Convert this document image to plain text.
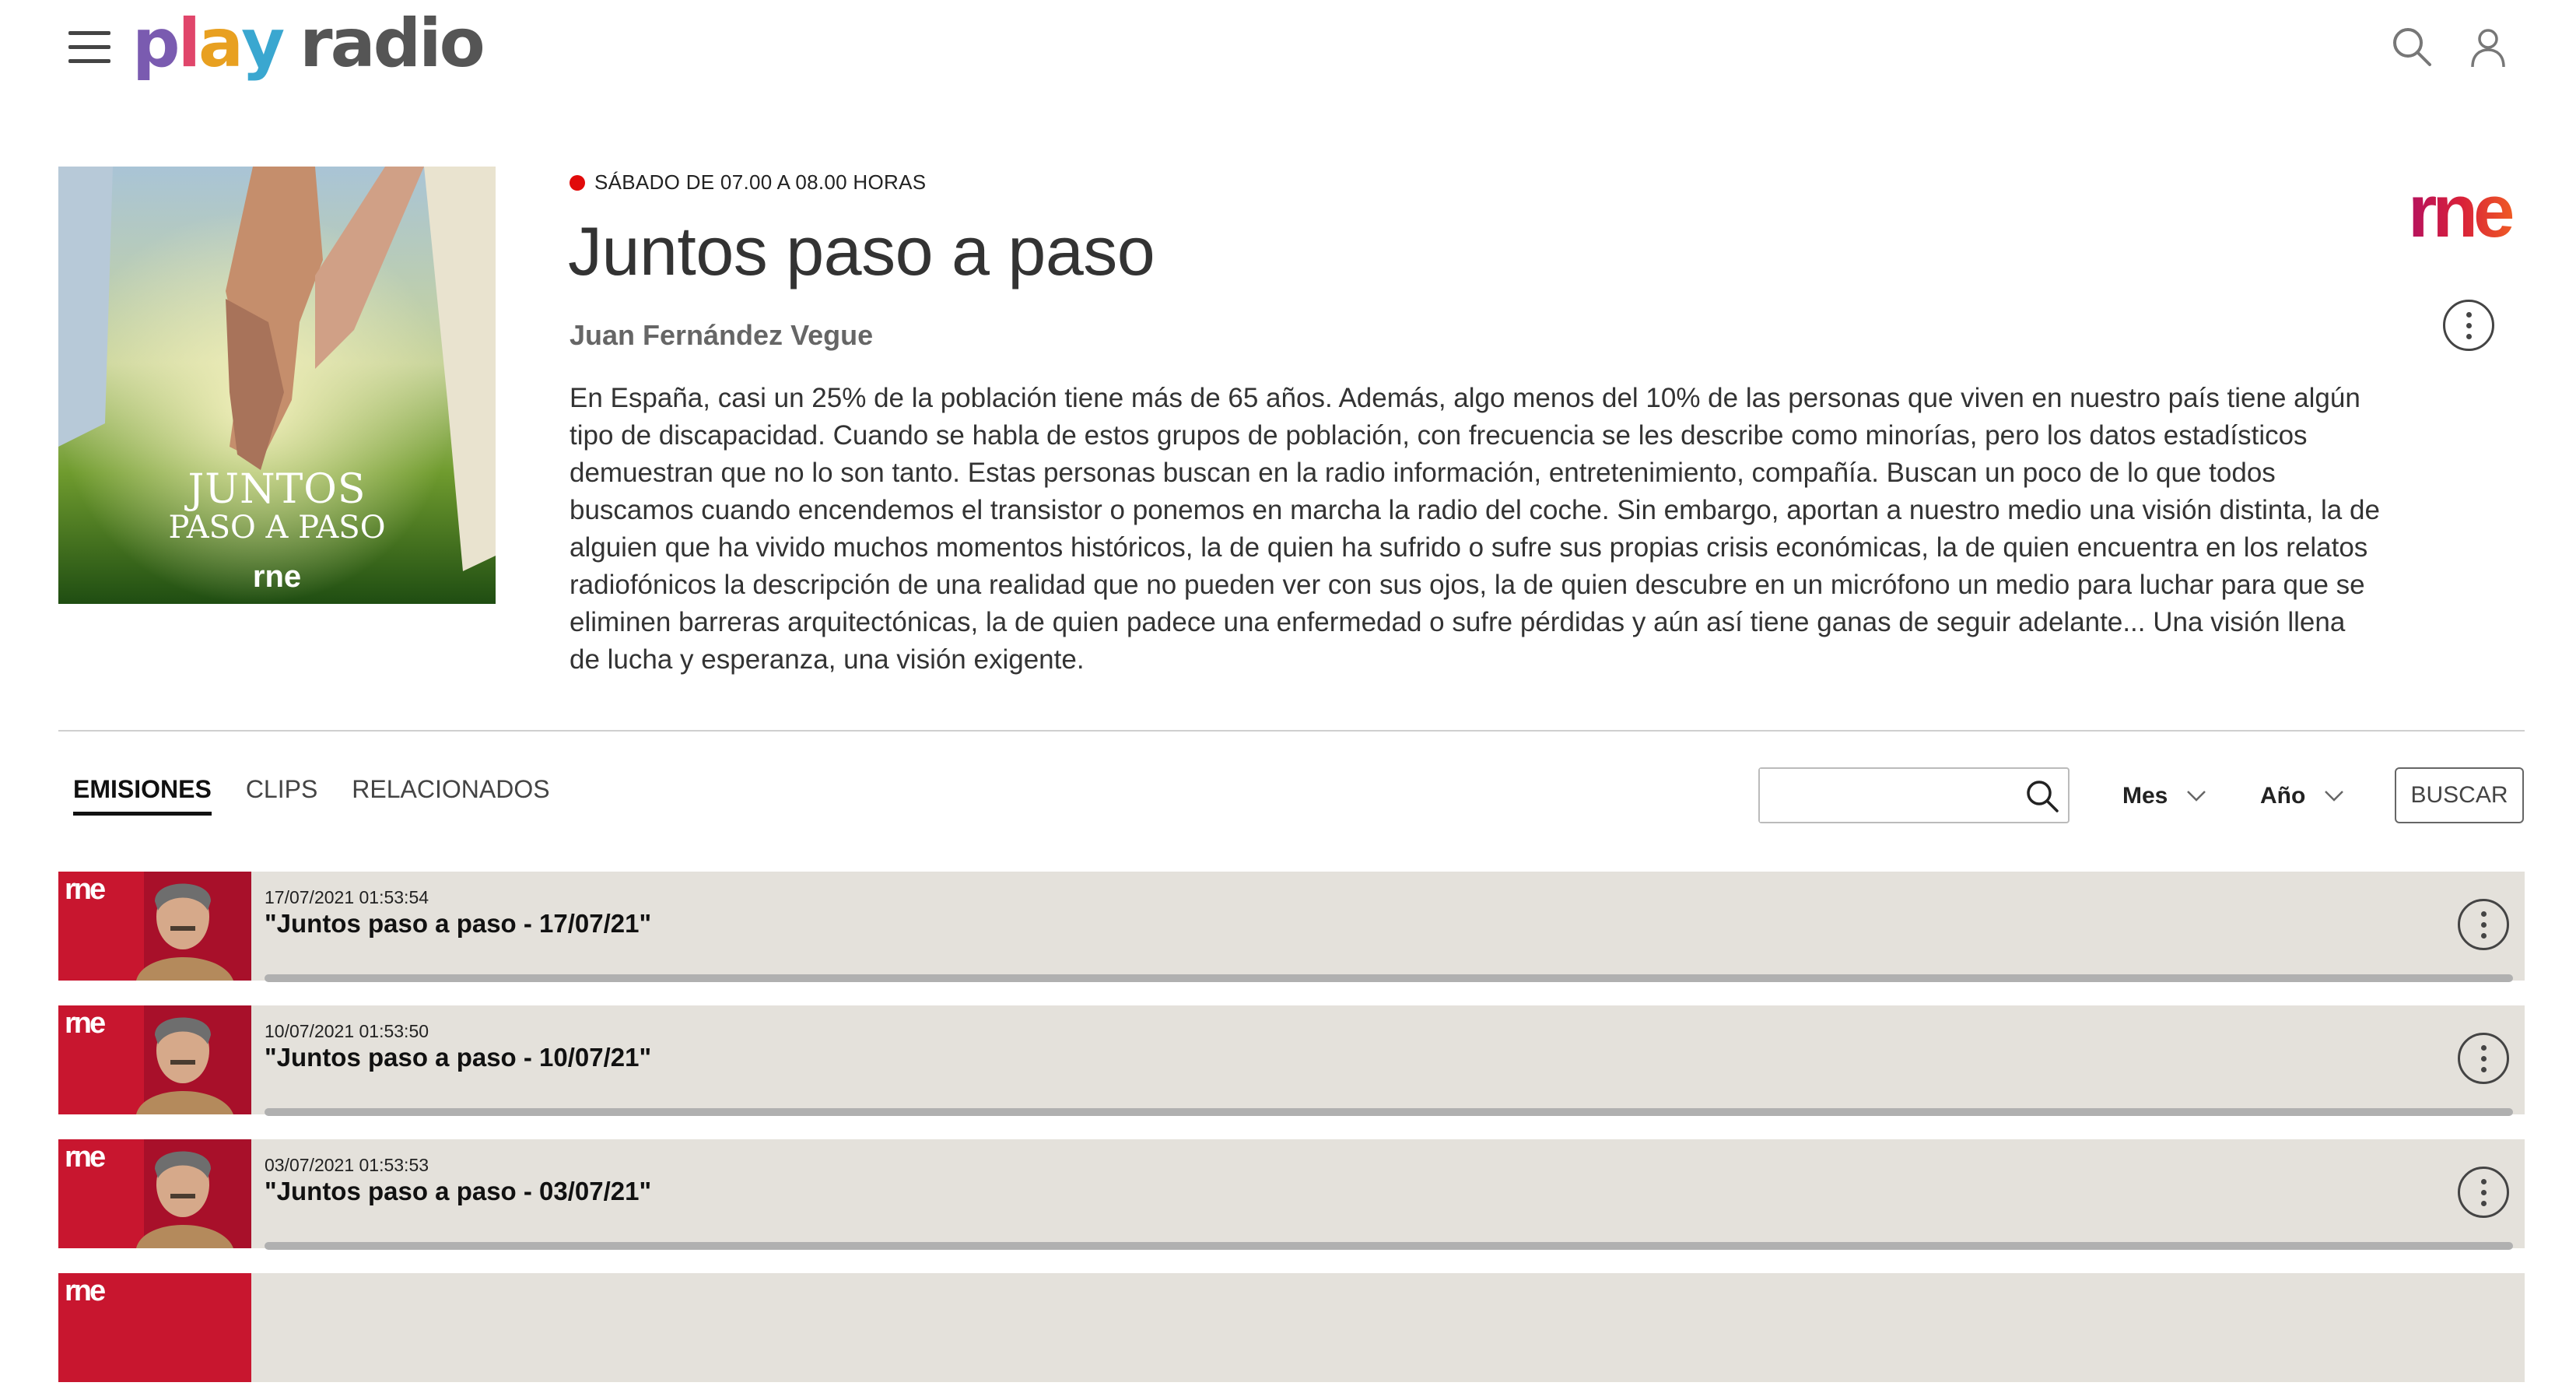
p l a y radio
JUNTOS
PASO A PASO
rne
SÁBADO DE 07.00 A 08.00 HORAS
Juntos paso a paso
Juan Fernández Vegue

En España, casi un 25% de la población tiene más de 65 años. Además, algo menos del 10% de las personas que viven en nuestro país tiene algún tipo de discapacidad. Cuando se habla de estos grupos de población, con frecuencia se les describe como minorías, pero los datos estadísticos demuestran que no lo son tanto. Estas personas buscan en la radio información, entretenimiento, compañía. Buscan un poco de lo que todos buscamos cuando encendemos el transistor o ponemos en marcha la radio del coche. Sin embargo, aportan a nuestro medio una visión distinta, la de alguien que ha vivido muchos momentos históricos, la de quien ha sufrido o sufre sus propias crisis económicas, la de quien encuentra en los relatos radiofónicos la descripción de una realidad que no pueden ver con sus ojos, la de quien descubre en un micrófono un medio para luchar para que se eliminen barreras arquitectónicas, la de quien padece una enfermedad o sufre pérdidas y aún así tiene ganas de seguir adelante... Una visión llena de lucha y esperanza, una visión exigente.

rne
EMISIONES CLIPS RELACIONADOS	Mes	Año	BUSCAR
rne	17/07/2021 01:53:54
"Juntos paso a paso - 17/07/21"
rne	10/07/2021 01:53:50
"Juntos paso a paso - 10/07/21"
rne	03/07/2021 01:53:53
"Juntos paso a paso - 03/07/21"
rne
